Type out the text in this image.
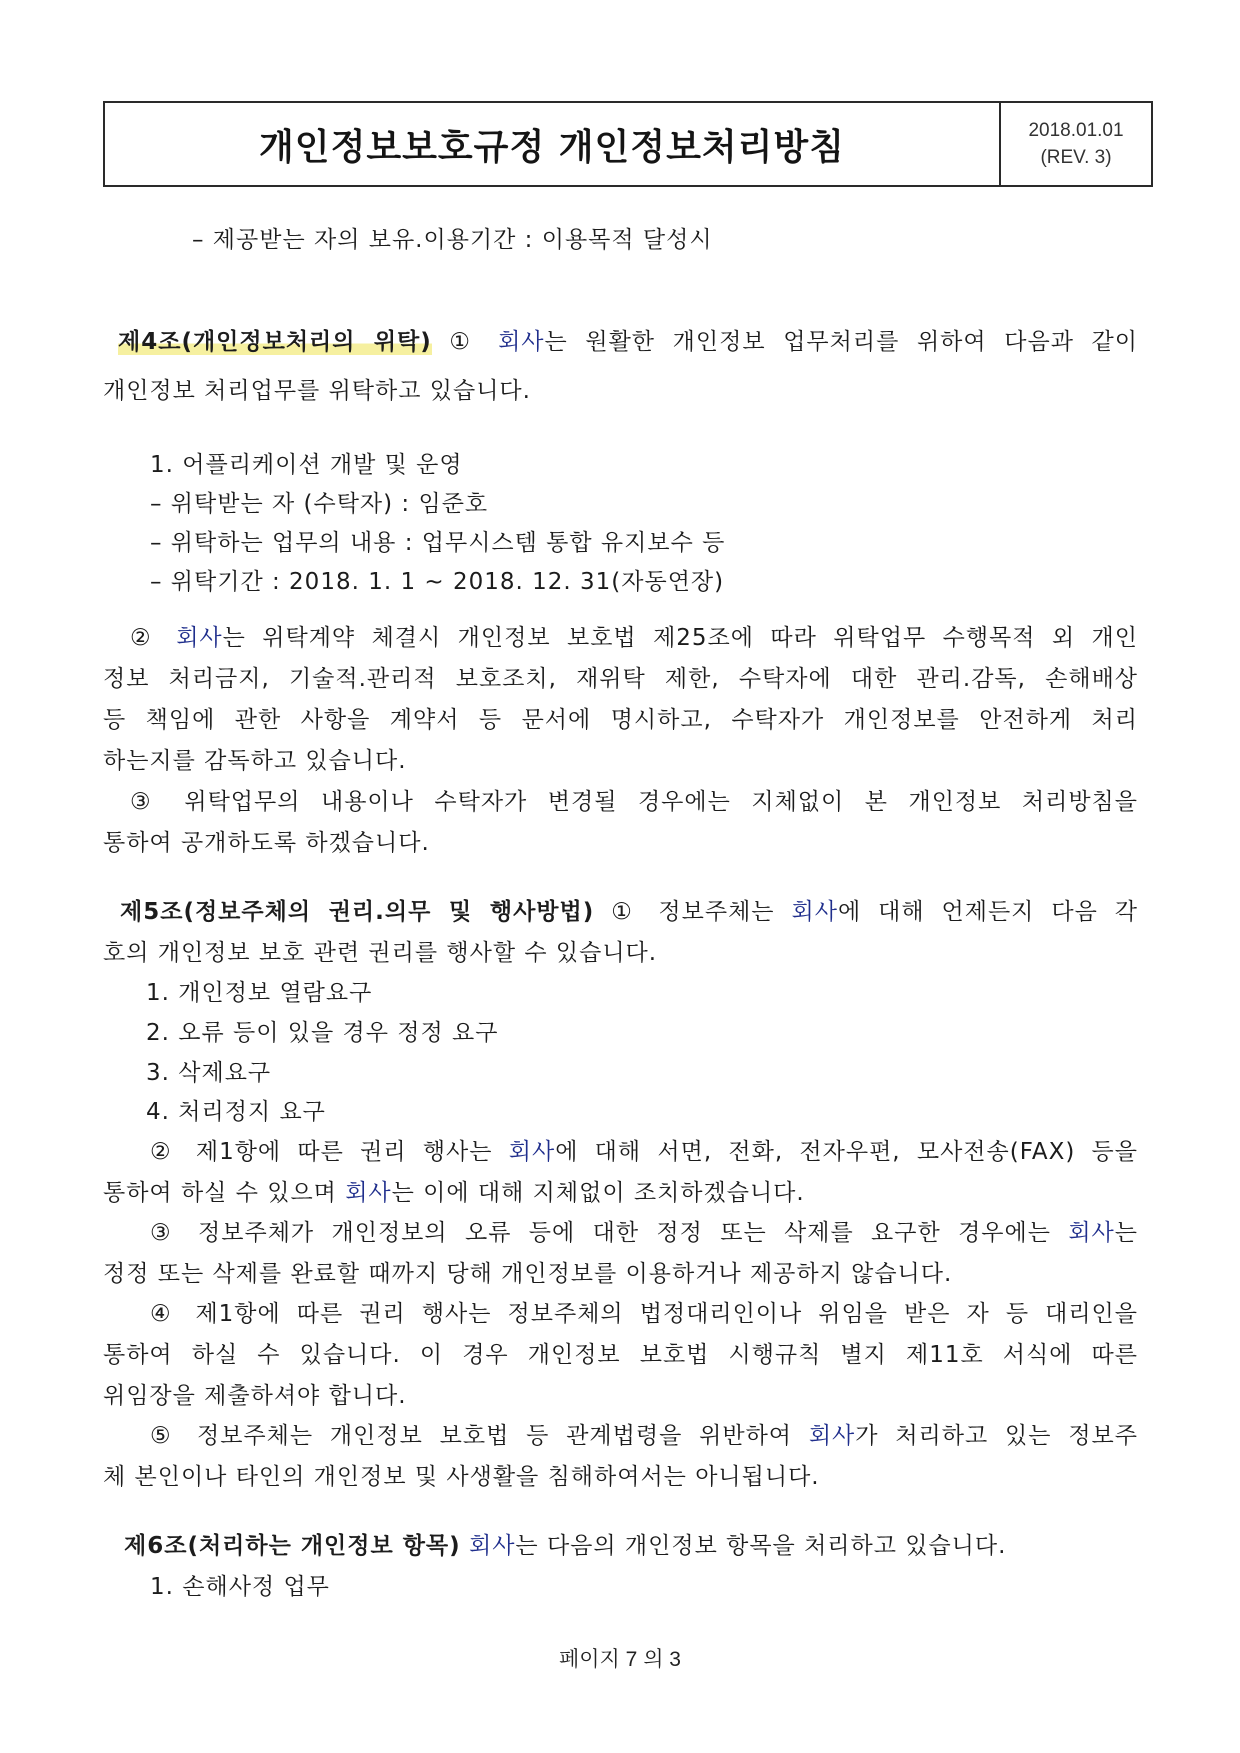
개인정보보호규정 개인정보처리방침	2018.01.01
(REV. 3)
– 제공받는 자의 보유.이용기간 : 이용목적 달성시
제4조(개인정보처리의 위탁) ① 회사는 원활한 개인정보 업무처리를 위하여 다음과 같이
개인정보 처리업무를 위탁하고 있습니다.
1. 어플리케이션 개발 및 운영
– 위탁받는 자 (수탁자) : 임준호
– 위탁하는 업무의 내용 : 업무시스템 통합 유지보수 등
– 위탁기간 : 2018. 1. 1 ~ 2018. 12. 31(자동연장)
② 회사는 위탁계약 체결시 개인정보 보호법 제25조에 따라 위탁업무 수행목적 외 개인
정보 처리금지, 기술적.관리적 보호조치, 재위탁 제한, 수탁자에 대한 관리.감독, 손해배상
등 책임에 관한 사항을 계약서 등 문서에 명시하고, 수탁자가 개인정보를 안전하게 처리
하는지를 감독하고 있습니다.
③ 위탁업무의 내용이나 수탁자가 변경될 경우에는 지체없이 본 개인정보 처리방침을
통하여 공개하도록 하겠습니다.
제5조(정보주체의 권리.의무 및 행사방법) ① 정보주체는 회사에 대해 언제든지 다음 각
호의 개인정보 보호 관련 권리를 행사할 수 있습니다.
1. 개인정보 열람요구
2. 오류 등이 있을 경우 정정 요구
3. 삭제요구
4. 처리정지 요구
② 제1항에 따른 권리 행사는 회사에 대해 서면, 전화, 전자우편, 모사전송(FAX) 등을
통하여 하실 수 있으며 회사는 이에 대해 지체없이 조치하겠습니다.
③ 정보주체가 개인정보의 오류 등에 대한 정정 또는 삭제를 요구한 경우에는 회사는
정정 또는 삭제를 완료할 때까지 당해 개인정보를 이용하거나 제공하지 않습니다.
④ 제1항에 따른 권리 행사는 정보주체의 법정대리인이나 위임을 받은 자 등 대리인을
통하여 하실 수 있습니다. 이 경우 개인정보 보호법 시행규칙 별지 제11호 서식에 따른
위임장을 제출하셔야 합니다.
⑤ 정보주체는 개인정보 보호법 등 관계법령을 위반하여 회사가 처리하고 있는 정보주
체 본인이나 타인의 개인정보 및 사생활을 침해하여서는 아니됩니다.
제6조(처리하는 개인정보 항목) 회사는 다음의 개인정보 항목을 처리하고 있습니다.
1. 손해사정 업무
페이지 7 의 3
